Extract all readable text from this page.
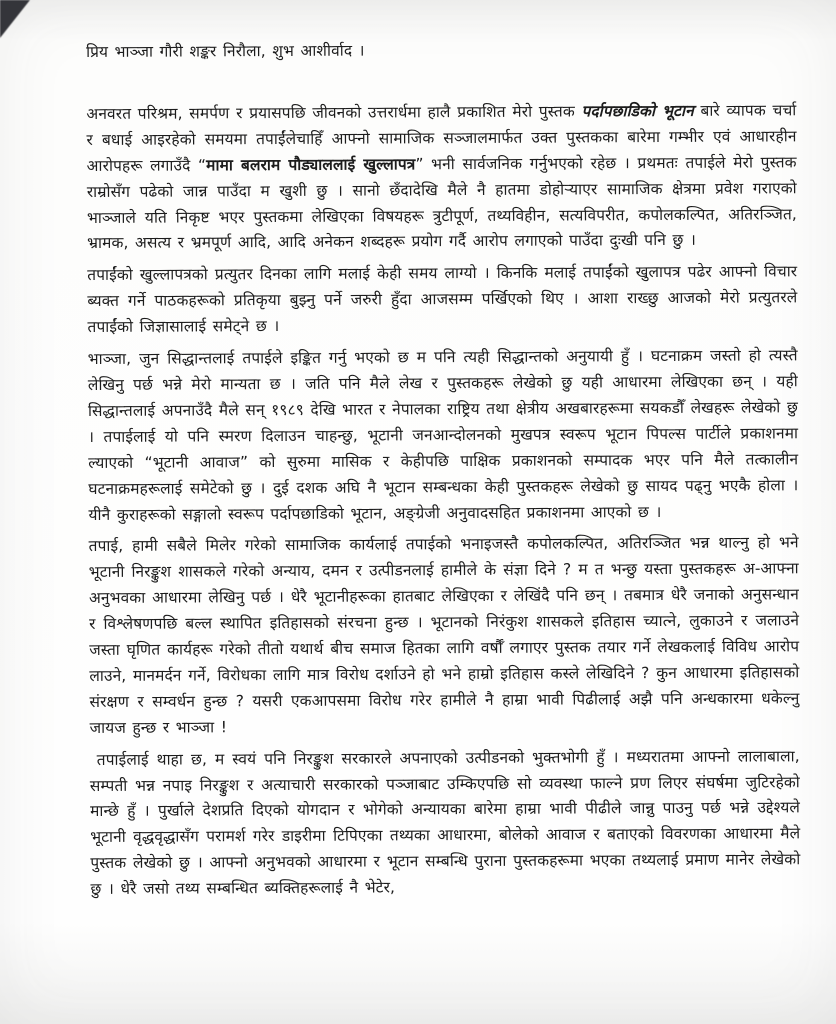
प्रिय भाञ्जा गौरी शङ्कर निरौला, शुभ आशीर्वाद ।

अनवरत परिश्रम, समर्पण र प्रयासपछि जीवनको उत्तरार्धमा हालै प्रकाशित मेरो पुस्तक पर्दापछाडिको भूटान बारे व्यापक चर्चा र बधाई आइरहेको समयमा तपाईंलेचाहिँ आफ्नो सामाजिक सञ्जालमार्फत उक्त पुस्तकका बारेमा गम्भीर एवं आधारहीन आरोपहरू लगाउँदै “मामा बलराम पौड्याललाई खुल्लापत्र” भनी सार्वजनिक गर्नुभएको रहेछ । प्रथमतः तपाईले मेरो पुस्तक राम्रोसँग पढेको जान्न पाउँदा म खुशी छु । सानो छँदादेखि मैले नै हातमा डोहोऱ्याएर सामाजिक क्षेत्रमा प्रवेश गराएको भाञ्जाले यति निकृष्ट भएर पुस्तकमा लेखिएका विषयहरू त्रुटीपूर्ण, तथ्यविहीन, सत्यविपरीत, कपोलकल्पित, अतिरञ्जित, भ्रामक, असत्य र भ्रमपूर्ण आदि, आदि अनेकन शब्दहरू प्रयोग गर्दै आरोप लगाएको पाउँदा दुःखी पनि छु ।

तपाईंको खुल्लापत्रको प्रत्युतर दिनका लागि मलाई केही समय लाग्यो । किनकि मलाई तपाईंको खुलापत्र पढेर आफ्नो विचार ब्यक्त गर्ने पाठकहरूको प्रतिकृया बुझ्नु पर्ने जरुरी हुँदा आजसम्म पर्खिएको थिए । आशा राख्छु आजको मेरो प्रत्युतरले तपाईंको जिज्ञासालाई समेट्ने छ ।

भाञ्जा, जुन सिद्धान्तलाई तपाईले इङ्कित गर्नु भएको छ म पनि त्यही सिद्धान्तको अनुयायी हुँ । घटनाक्रम जस्तो हो त्यस्तै लेखिनु पर्छ भन्ने मेरो मान्यता छ । जति पनि मैले लेख र पुस्तकहरू लेखेको छु यही आधारमा लेखिएका छन् । यही सिद्धान्तलाई अपनाउँदै मैले सन् १९८९ देखि भारत र नेपालका राष्ट्रिय तथा क्षेत्रीय अखबारहरूमा सयकडौँ लेखहरू लेखेको छु । तपाईलाई यो पनि स्मरण दिलाउन चाहन्छु, भूटानी जनआन्दोलनको मुखपत्र स्वरूप भूटान पिपल्स पार्टीले प्रकाशनमा ल्याएको “भूटानी आवाज” को सुरुमा मासिक र केहीपछि पाक्षिक प्रकाशनको सम्पादक भएर पनि मैले तत्कालीन घटनाक्रमहरूलाई समेटेको छु । दुई दशक अघि नै भूटान सम्बन्धका केही पुस्तकहरू लेखेको छु सायद पढ्नु भएकै होला । यीनै कुराहरूको सङ्गालो स्वरूप पर्दापछाडिको भूटान, अङ्ग्रेजी अनुवादसहित प्रकाशनमा आएको छ ।

तपाई, हामी सबैले मिलेर गरेको सामाजिक कार्यलाई तपाईको भनाइजस्तै कपोलकल्पित, अतिरञ्जित भन्न थाल्नु हो भने भूटानी निरङ्कुश शासकले गरेको अन्याय, दमन र उत्पीडनलाई हामीले के संज्ञा दिने ? म त भन्छु यस्ता पुस्तकहरू अ-आफ्ना अनुभवका आधारमा लेखिनु पर्छ । धेरै भूटानीहरूका हातबाट लेखिएका र लेखिंदै पनि छन् । तबमात्र धेरै जनाको अनुसन्धान र विश्लेषणपछि बल्ल स्थापित इतिहासको संरचना हुन्छ । भूटानको निरंकुश शासकले इतिहास च्यात्ने, लुकाउने र जलाउने जस्ता घृणित कार्यहरू गरेको तीतो यथार्थ बीच समाज हितका लागि वर्षौँ लगाएर पुस्तक तयार गर्ने लेखकलाई विविध आरोप लाउने, मानमर्दन गर्ने, विरोधका लागि मात्र विरोध दर्शाउने हो भने हाम्रो इतिहास कस्ले लेखिदिने ? कुन आधारमा इतिहासको संरक्षण र सम्वर्धन हुन्छ ? यसरी एकआपसमा विरोध गरेर हामीले नै हाम्रा भावी पिढीलाई अझै पनि अन्धकारमा धकेल्नु जायज हुन्छ र भाञ्जा !

तपाईलाई थाहा छ, म स्वयं पनि निरङ्कुश सरकारले अपनाएको उत्पीडनको भुक्तभोगी हुँ । मध्यरातमा आफ्नो लालाबाला, सम्पती भन्न नपाइ निरङ्कुश र अत्याचारी सरकारको पञ्जाबाट उम्किएपछि सो व्यवस्था फाल्ने प्रण लिएर संघर्षमा जुटिरहेको मान्छे हुँ । पुर्खाले देशप्रति दिएको योगदान र भोगेको अन्यायका बारेमा हाम्रा भावी पीढीले जान्नु पाउनु पर्छ भन्ने उद्देश्यले भूटानी वृद्धवृद्धासँग परामर्श गरेर डाइरीमा टिपिएका तथ्यका आधारमा, बोलेको आवाज र बताएको विवरणका आधारमा मैले पुस्तक लेखेको छु । आफ्नो अनुभवको आधारमा र भूटान सम्बन्धि पुराना पुस्तकहरूमा भएका तथ्यलाई प्रमाण मानेर लेखेको छु । धेरै जसो तथ्य सम्बन्धित ब्यक्तिहरूलाई नै भेटेर,
